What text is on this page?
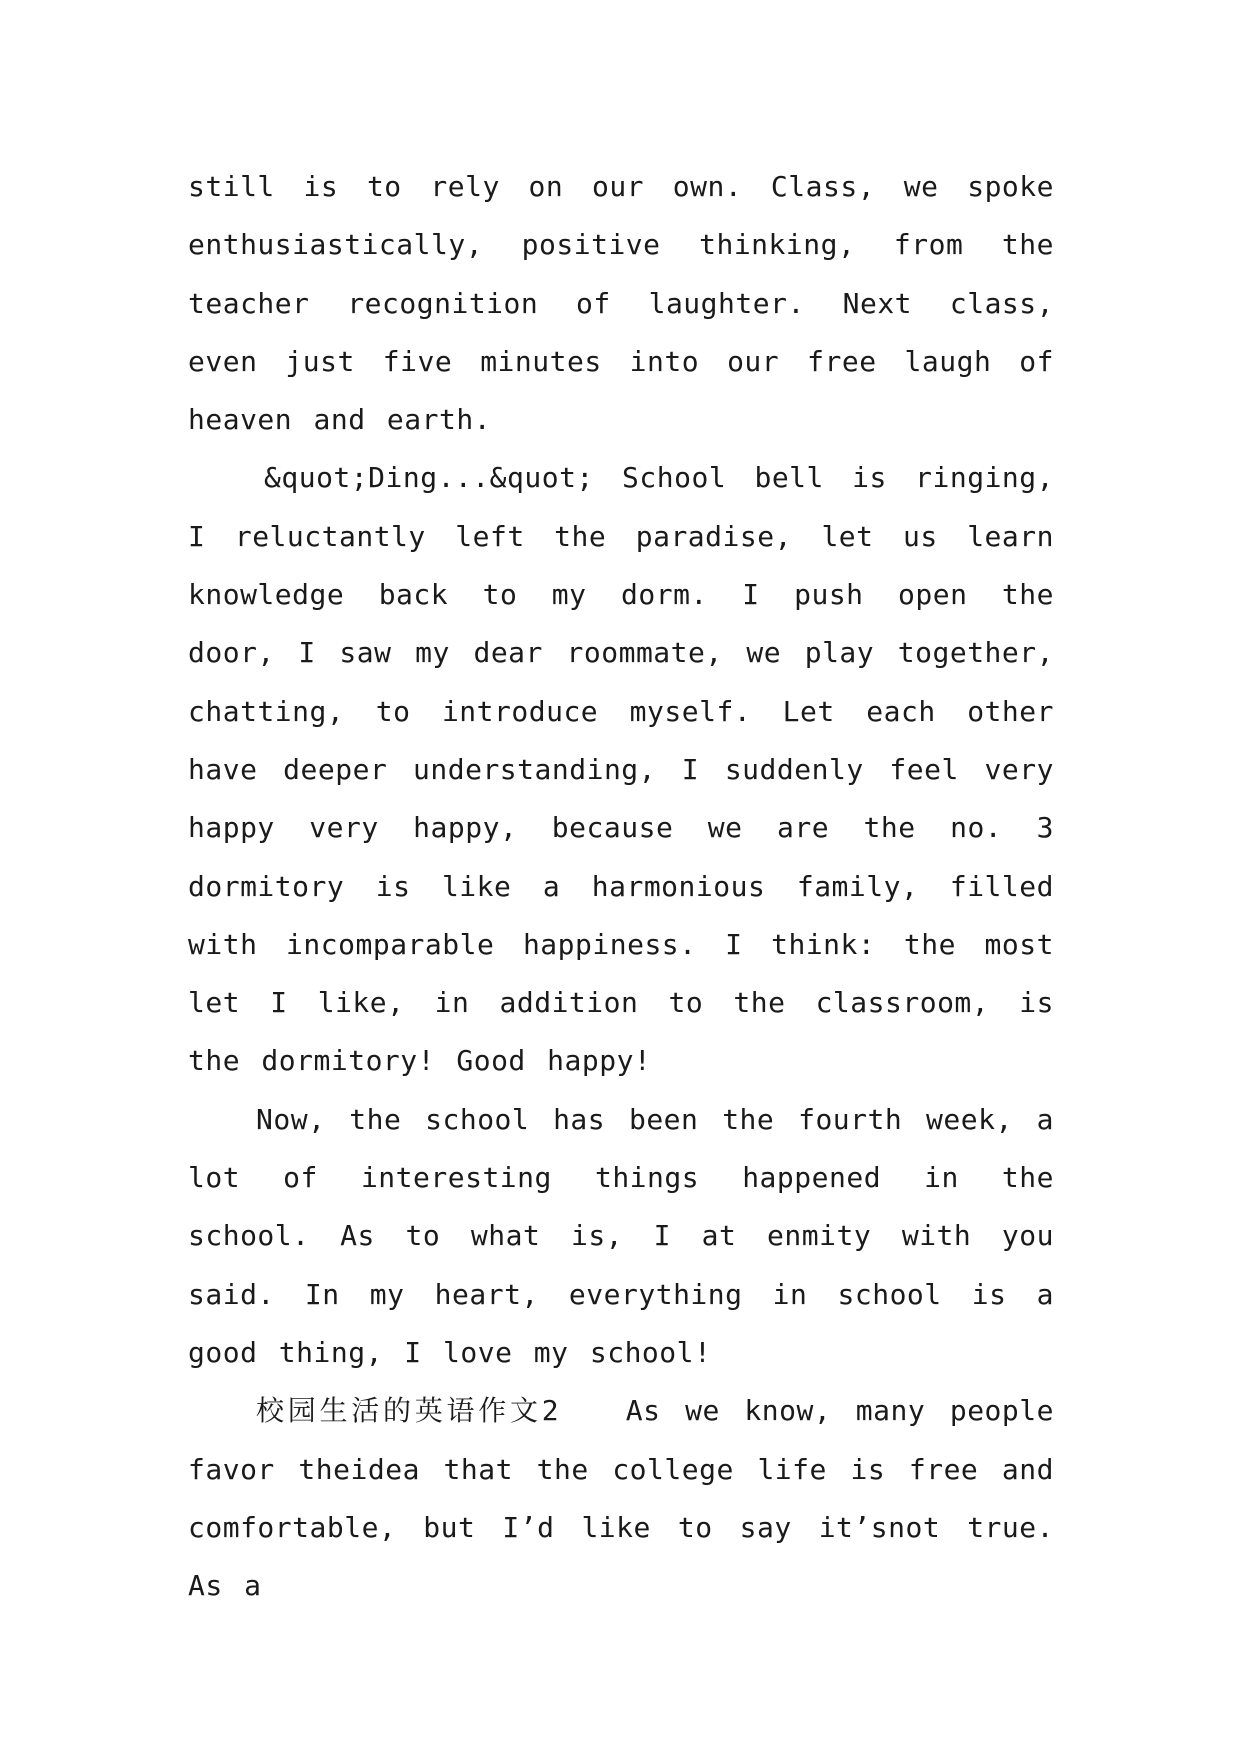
still is to rely on our own. Class, we spoke enthusiastically, positive thinking, from the teacher recognition of laughter. Next class, even just five minutes into our free laugh of heaven and earth.

&quot;Ding...&quot; School bell is ringing, I reluctantly left the paradise, let us learn knowledge back to my dorm. I push open the door, I saw my dear roommate, we play together, chatting, to introduce myself. Let each other have deeper understanding, I suddenly feel very happy very happy, because we are the no. 3 dormitory is like a harmonious family, filled with incomparable happiness. I think: the most let I like, in addition to the classroom, is the dormitory! Good happy!

Now, the school has been the fourth week, a lot of interesting things happened in the school. As to what is, I at enmity with you said. In my heart, everything in school is a good thing, I love my school!

校园生活的英语作文2　　As we know, many people favor theidea that the college life is free and comfortable, but I’d like to say it’snot true. As a
